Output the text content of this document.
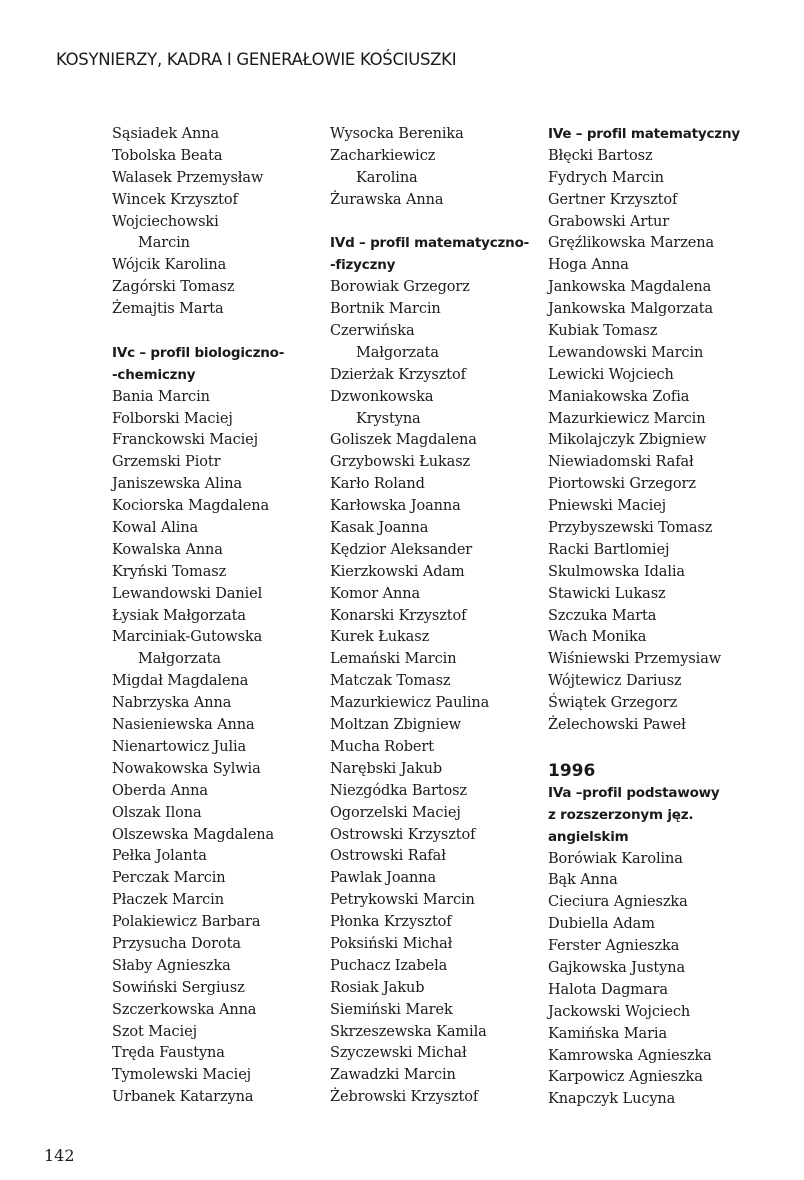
KOSYNIERZY, KADRA I GENERAŁOWIE KOŚCIUSZKI
Sąsiadek Anna
Tobolska Beata
Walasek Przemysław
Wincek Krzysztof
Wojciechowski
Marcin
Wójcik Karolina
Zagórski Tomasz
Żemajtis Marta
IVc – profil biologiczno-
-chemiczny
Bania Marcin
Folborski Maciej
Franckowski Maciej
Grzemski Piotr
Janiszewska Alina
Kociorska Magdalena
Kowal Alina
Kowalska Anna
Kryński Tomasz
Lewandowski Daniel
Łysiak Małgorzata
Marciniak-Gutowska
Małgorzata
Migdał Magdalena
Nabrzyska Anna
Nasieniewska Anna
Nienartowicz Julia
Nowakowska Sylwia
Oberda Anna
Olszak Ilona
Olszewska Magdalena
Pełka Jolanta
Perczak Marcin
Płaczek Marcin
Polakiewicz Barbara
Przysucha Dorota
Słaby Agnieszka
Sowiński Sergiusz
Szczerkowska Anna
Szot Maciej
Tręda Faustyna
Tymolewski Maciej
Urbanek Katarzyna
Wysocka Berenika
Zacharkiewicz
Karolina
Żurawska Anna
IVd – profil matematyczno-
-fizyczny
Borowiak Grzegorz
Bortnik Marcin
Czerwińska
Małgorzata
Dzierżak Krzysztof
Dzwonkowska
Krystyna
Goliszek Magdalena
Grzybowski Łukasz
Karło Roland
Karłowska Joanna
Kasak Joanna
Kędzior Aleksander
Kierzkowski Adam
Komor Anna
Konarski Krzysztof
Kurek Łukasz
Lemański Marcin
Matczak Tomasz
Mazurkiewicz Paulina
Moltzan Zbigniew
Mucha Robert
Narębski Jakub
Niezgódka Bartosz
Ogorzelski Maciej
Ostrowski Krzysztof
Ostrowski Rafał
Pawlak Joanna
Petrykowski Marcin
Płonka Krzysztof
Poksiński Michał
Puchacz Izabela
Rosiak Jakub
Siemiński Marek
Skrzeszewska Kamila
Szyczewski Michał
Zawadzki Marcin
Żebrowski Krzysztof
IVe – profil matematyczny
Błęcki Bartosz
Fydrych Marcin
Gertner Krzysztof
Grabowski Artur
Gręźlikowska Marzena
Hoga Anna
Jankowska Magdalena
Jankowska Malgorzata
Kubiak Tomasz
Lewandowski Marcin
Lewicki Wojciech
Maniakowska Zofia
Mazurkiewicz Marcin
Mikolajczyk Zbigniew
Niewiadomski Rafał
Piortowski Grzegorz
Pniewski Maciej
Przybyszewski Tomasz
Racki Bartlomiej
Skulmowska Idalia
Stawicki Lukasz
Szczuka Marta
Wach Monika
Wiśniewski Przemysiaw
Wójtewicz Dariusz
Świątek Grzegorz
Żelechowski Paweł
1996
IVa –profil podstawowy
z rozszerzonym jęz.
angielskim
Borówiak Karolina
Bąk Anna
Cieciura Agnieszka
Dubiella Adam
Ferster Agnieszka
Gajkowska Justyna
Halota Dagmara
Jackowski Wojciech
Kamińska Maria
Kamrowska Agnieszka
Karpowicz Agnieszka
Knapczyk Lucyna
142
